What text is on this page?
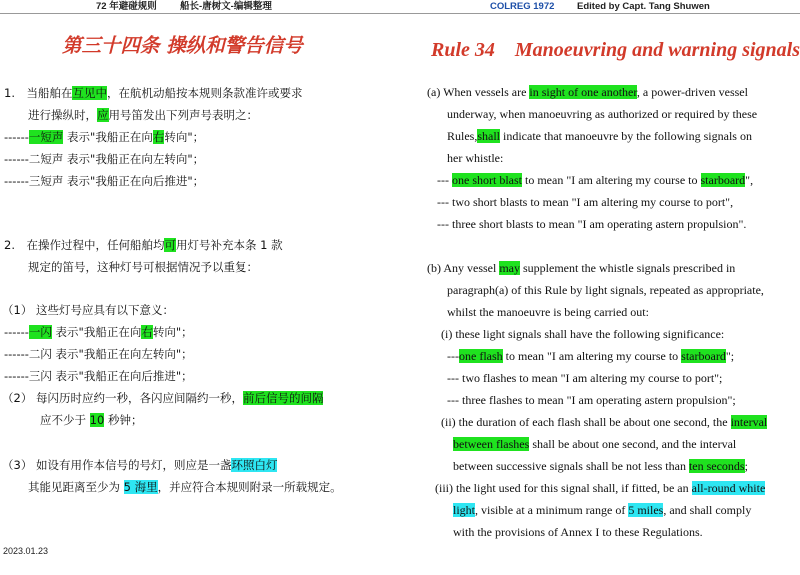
72 年避碰规则 船长-唐树文-编辑整理	COLREG 1972 Edited by Capt. Tang Shuwen
第三十四条 操纵和警告信号
1.　当船舶在互见中，在航机动船按本规则条款准许或要求
进行操纵时，应用号笛发出下列声号表明之：
------一短声 表示"我船正在向右转向"；
------二短声 表示"我船正在向左转向"；
------三短声 表示"我船正在向后推进"；
2.　在操作过程中，任何船舶均可用灯号补充本条 1 款
规定的笛号，这种灯号可根据情况予以重复：
（1） 这些灯号应具有以下意义：
------一闪 表示"我船正在向右转向"；
------二闪 表示"我船正在向左转向"；
------三闪 表示"我船正在向后推进"；
（2） 每闪历时应约一秒，各闪应间隔约一秒，前后信号的间隔
应不少于 10 秒钟；
（3） 如设有用作本信号的号灯，则应是一盏环照白灯
其能见距离至少为 5 海里，并应符合本规则附录一所载规定。
Rule 34　Manoeuvring and warning signals
(a) When vessels are in sight of one another, a power-driven vessel
underway, when manoeuvring as authorized or required by these
Rules,shall indicate that manoeuvre by the following signals on
her whistle:
--- one short blast to mean "I am altering my course to starboard",
--- two short blasts to mean "I am altering my course to port",
--- three short blasts to mean "I am operating astern propulsion".
(b) Any vessel may supplement the whistle signals prescribed in
paragraph(a) of this Rule by light signals, repeated as appropriate,
whilst the manoeuvre is being carried out:
(i) these light signals shall have the following significance:
---one flash to mean "I am altering my course to starboard";
--- two flashes to mean "I am altering my course to port";
--- three flashes to mean "I am operating astern propulsion";
(ii) the duration of each flash shall be about one second, the interval
between flashes shall be about one second, and the interval
between successive signals shall be not less than ten seconds;
(iii) the light used for this signal shall, if fitted, be an all-round white
light, visible at a minimum range of 5 miles, and shall comply
with the provisions of Annex I to these Regulations.
2023.01.23
